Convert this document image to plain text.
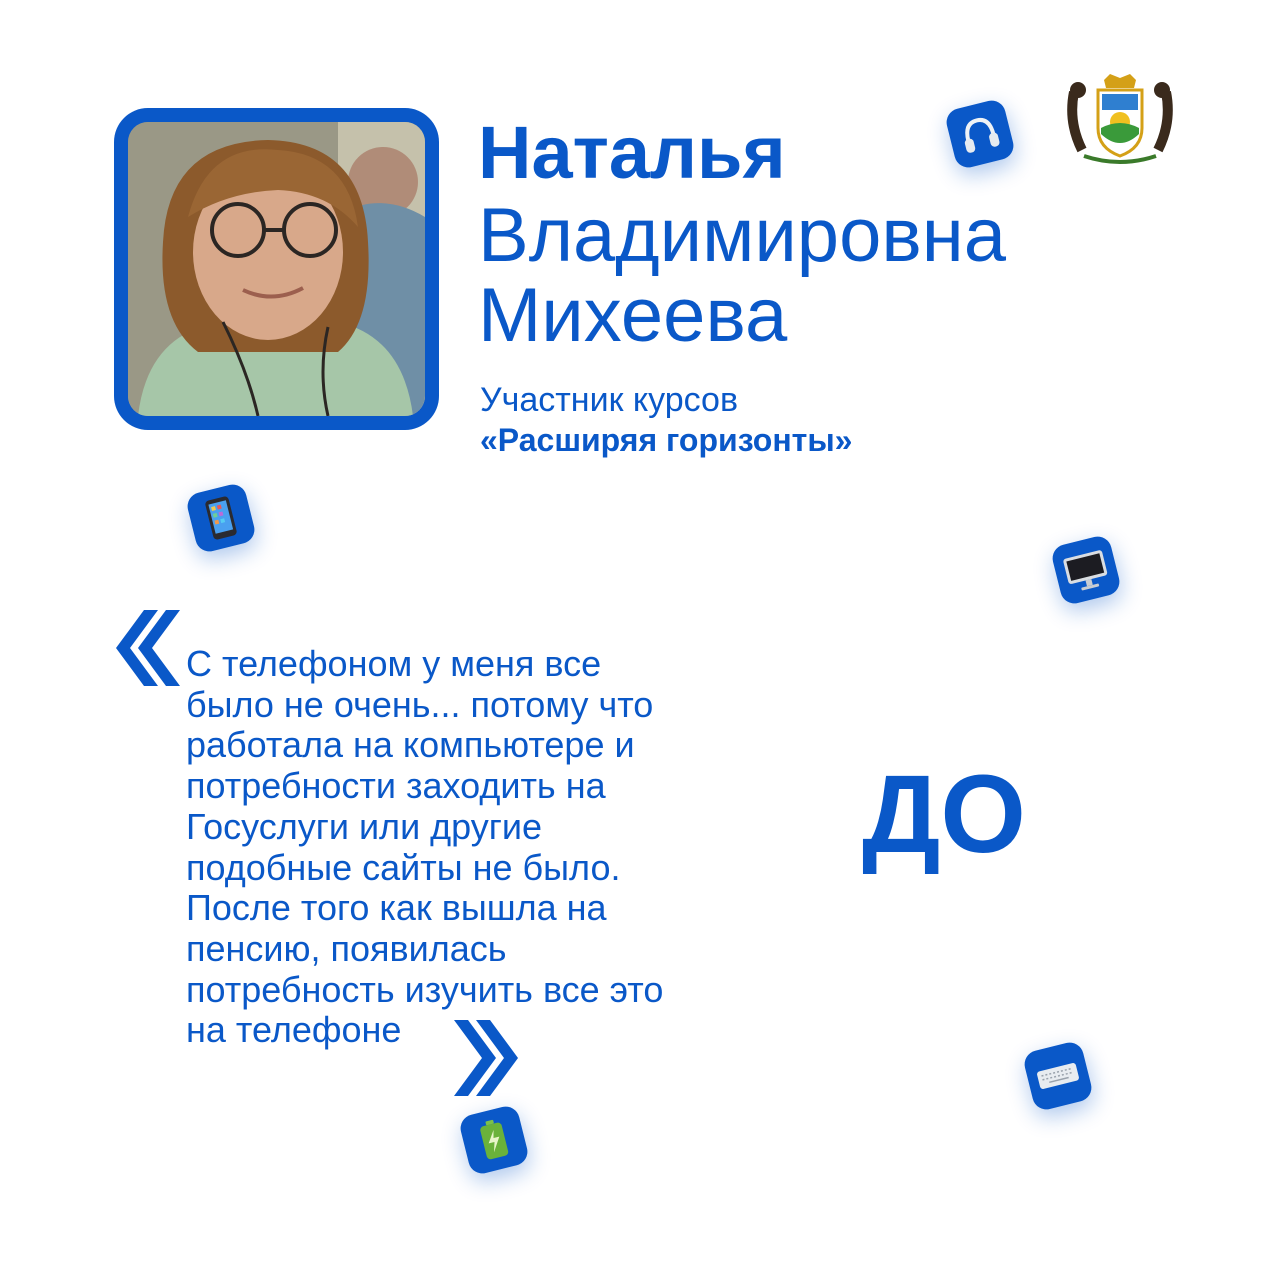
Наталья
Владимировна
Михеева
Участник курсов
«Расширяя горизонты»
С телефоном у меня все
было не очень... потому что
работала на компьютере и
потребности заходить на
Госуслуги или другие
подобные сайты не было.
После того как вышла на
пенсию, появилась
потребность изучить все это
на телефоне
ДО
